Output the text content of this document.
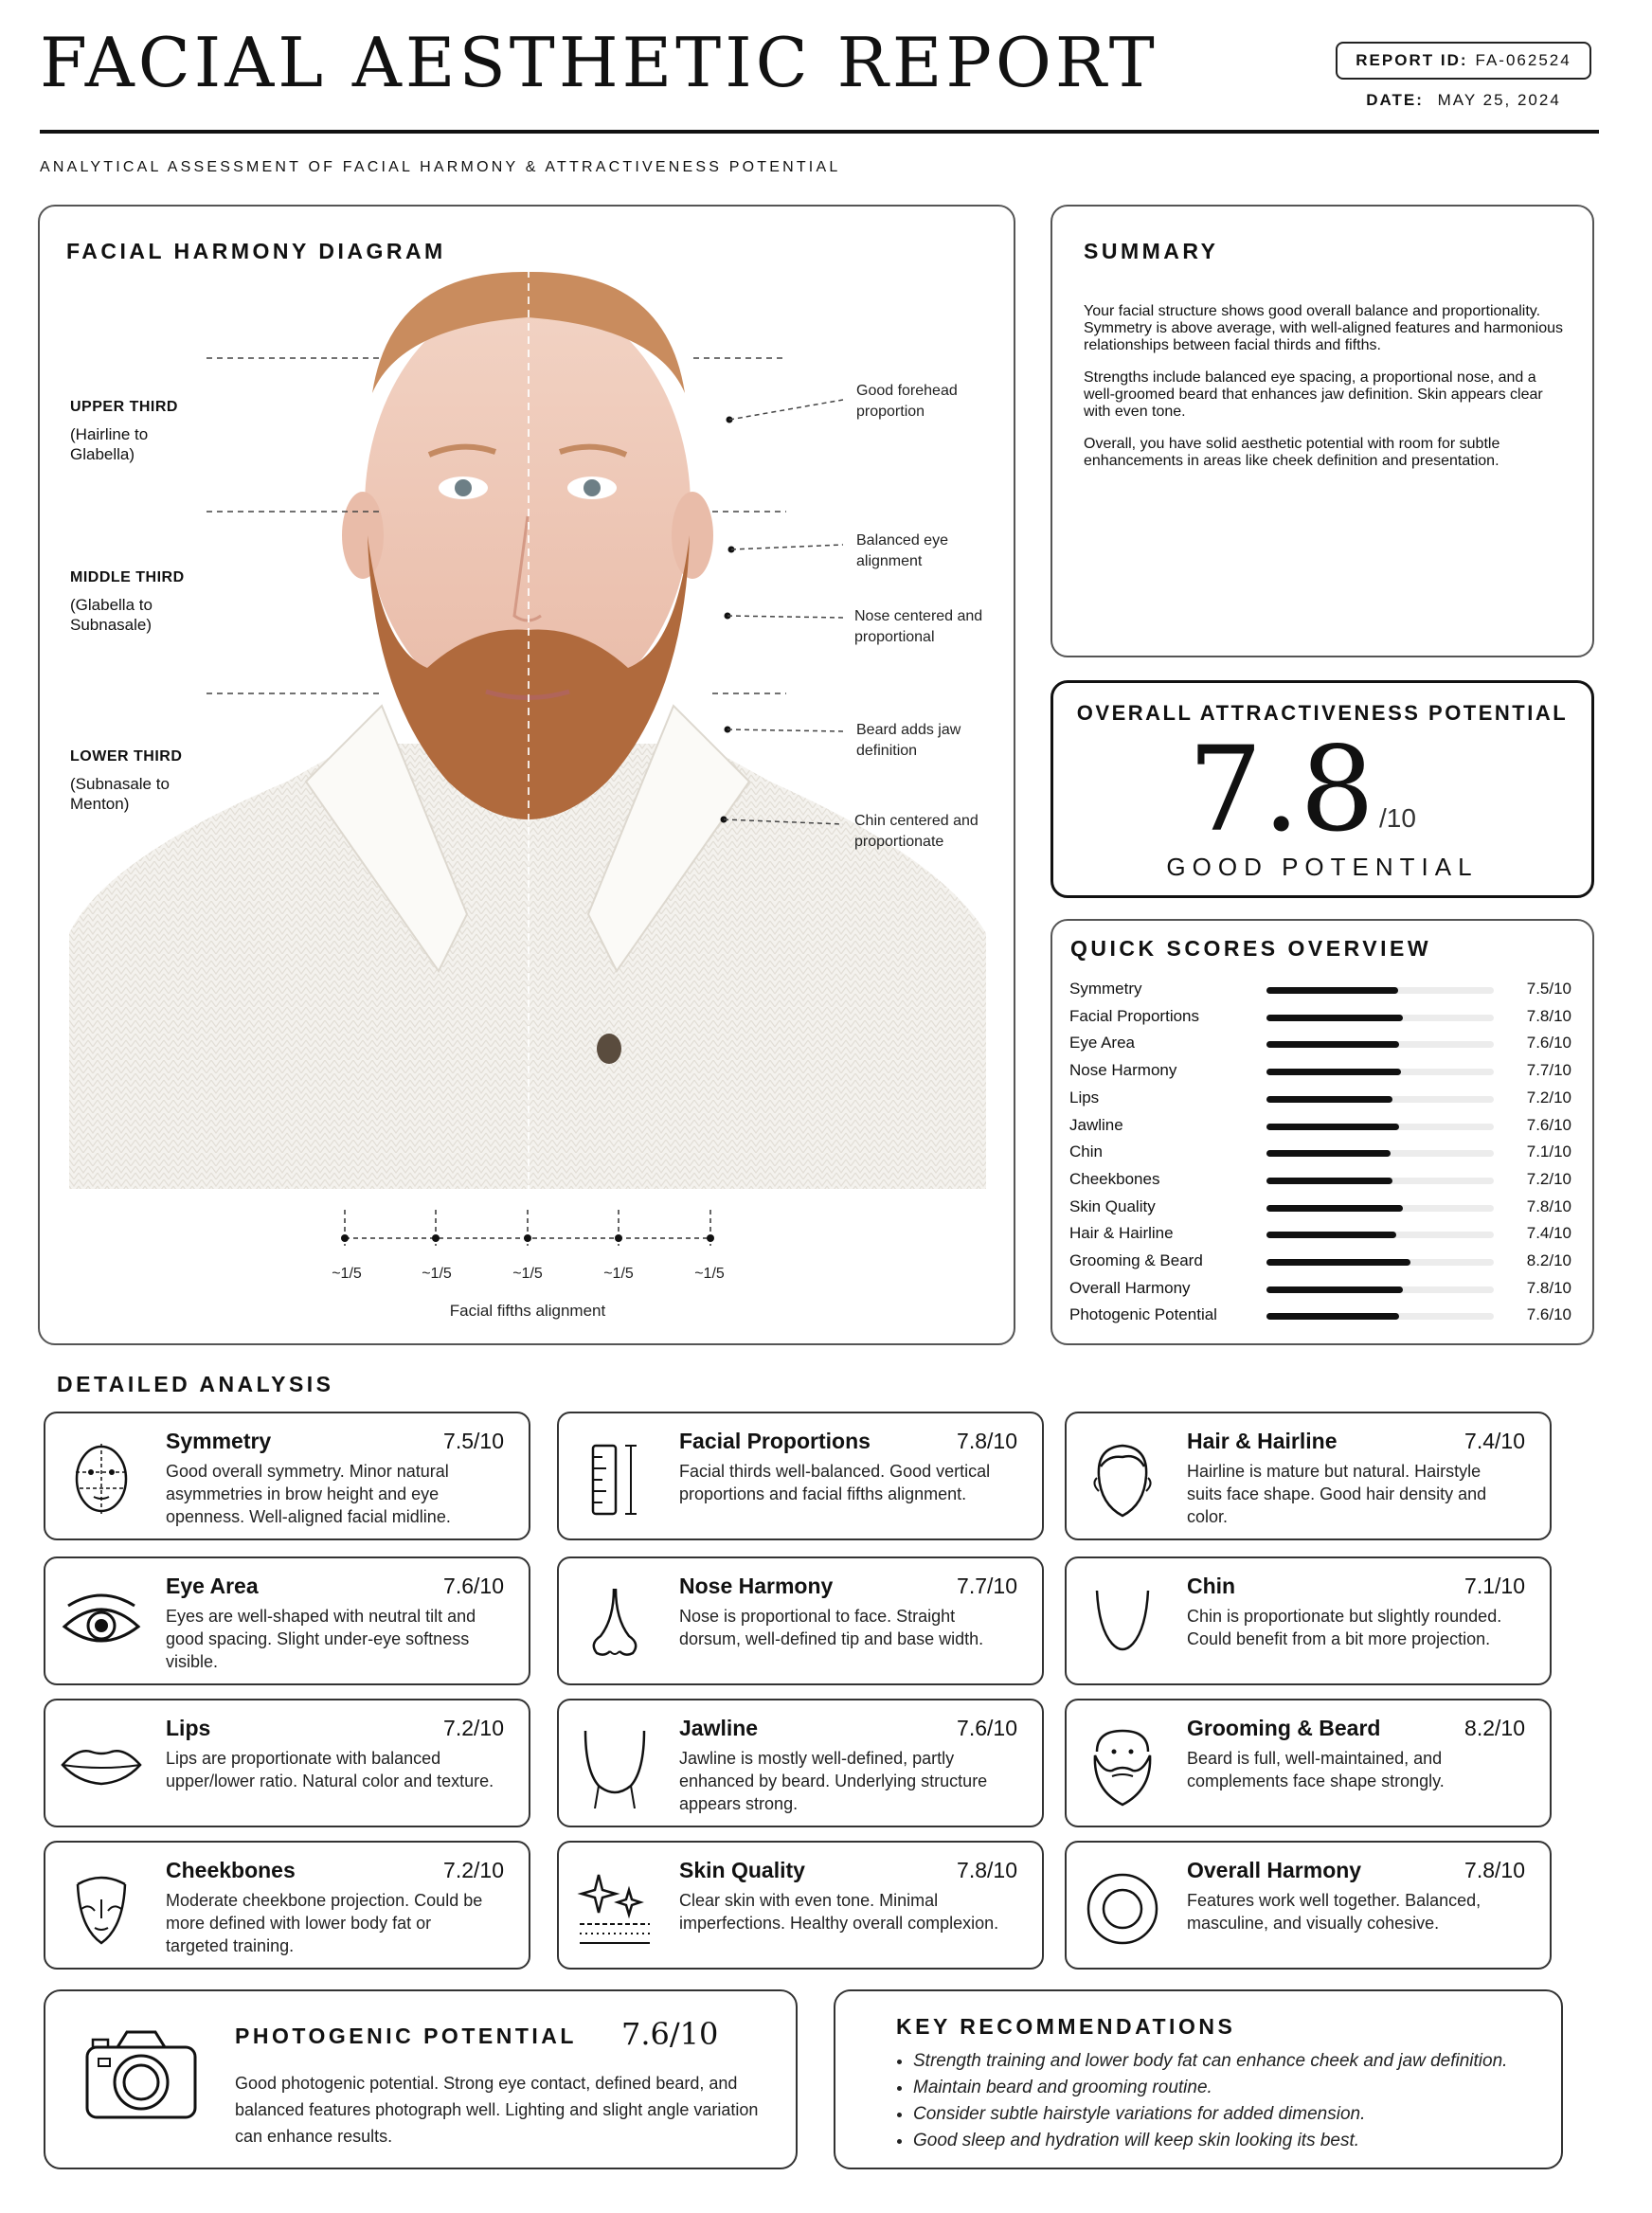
FACIAL AESTHETIC REPORT	REPORT ID: FA-062524
DATE: MAY 25, 2024
ANALYTICAL ASSESSMENT OF FACIAL HARMONY & ATTRACTIVENESS POTENTIAL
FACIAL HARMONY DIAGRAM
UPPER THIRD
(Hairline to Glabella)
MIDDLE THIRD
(Glabella to Subnasale)
LOWER THIRD
(Subnasale to Menton)
Good forehead proportion
Balanced eye alignment
Nose centered and proportional
Beard adds jaw definition
Chin centered and proportionate
~1/5	~1/5	~1/5	~1/5	~1/5
Facial fifths alignment
SUMMARY

Your facial structure shows good overall balance and proportionality. Symmetry is above average, with well-aligned features and harmonious relationships between facial thirds and fifths.

Strengths include balanced eye spacing, a proportional nose, and a well-groomed beard that enhances jaw definition. Skin appears clear with even tone.

Overall, you have solid aesthetic potential with room for subtle enhancements in areas like cheek definition and presentation.

OVERALL ATTRACTIVENESS POTENTIAL
7.8 /10
GOOD POTENTIAL
QUICK SCORES OVERVIEW
Symmetry	7.5/10
Facial Proportions	7.8/10
Eye Area	7.6/10
Nose Harmony	7.7/10
Lips	7.2/10
Jawline	7.6/10
Chin	7.1/10
Cheekbones	7.2/10
Skin Quality	7.8/10
Hair & Hairline	7.4/10
Grooming & Beard	8.2/10
Overall Harmony	7.8/10
Photogenic Potential	7.6/10
DETAILED ANALYSIS
Symmetry	7.5/10
Good overall symmetry. Minor natural asymmetries in brow height and eye openness. Well-aligned facial midline.
Facial Proportions	7.8/10
Facial thirds well-balanced. Good vertical proportions and facial fifths alignment.
Hair & Hairline	7.4/10
Hairline is mature but natural. Hairstyle suits face shape. Good hair density and color.
Eye Area	7.6/10
Eyes are well-shaped with neutral tilt and good spacing. Slight under-eye softness visible.
Nose Harmony	7.7/10
Nose is proportional to face. Straight dorsum, well-defined tip and base width.
Chin	7.1/10
Chin is proportionate but slightly rounded. Could benefit from a bit more projection.
Lips	7.2/10
Lips are proportionate with balanced upper/lower ratio. Natural color and texture.
Jawline	7.6/10
Jawline is mostly well-defined, partly enhanced by beard. Underlying structure appears strong.
Grooming & Beard	8.2/10
Beard is full, well-maintained, and complements face shape strongly.
Cheekbones	7.2/10
Moderate cheekbone projection. Could be more defined with lower body fat or targeted training.
Skin Quality	7.8/10
Clear skin with even tone. Minimal imperfections. Healthy overall complexion.
Overall Harmony	7.8/10
Features work well together. Balanced, masculine, and visually cohesive.
PHOTOGENIC POTENTIAL 7.6/10
Good photogenic potential. Strong eye contact, defined beard, and balanced features photograph well. Lighting and slight angle variation can enhance results.
KEY RECOMMENDATIONS
• Strength training and lower body fat can enhance cheek and jaw definition.
• Maintain beard and grooming routine.
• Consider subtle hairstyle variations for added dimension.
• Good sleep and hydration will keep skin looking its best.
